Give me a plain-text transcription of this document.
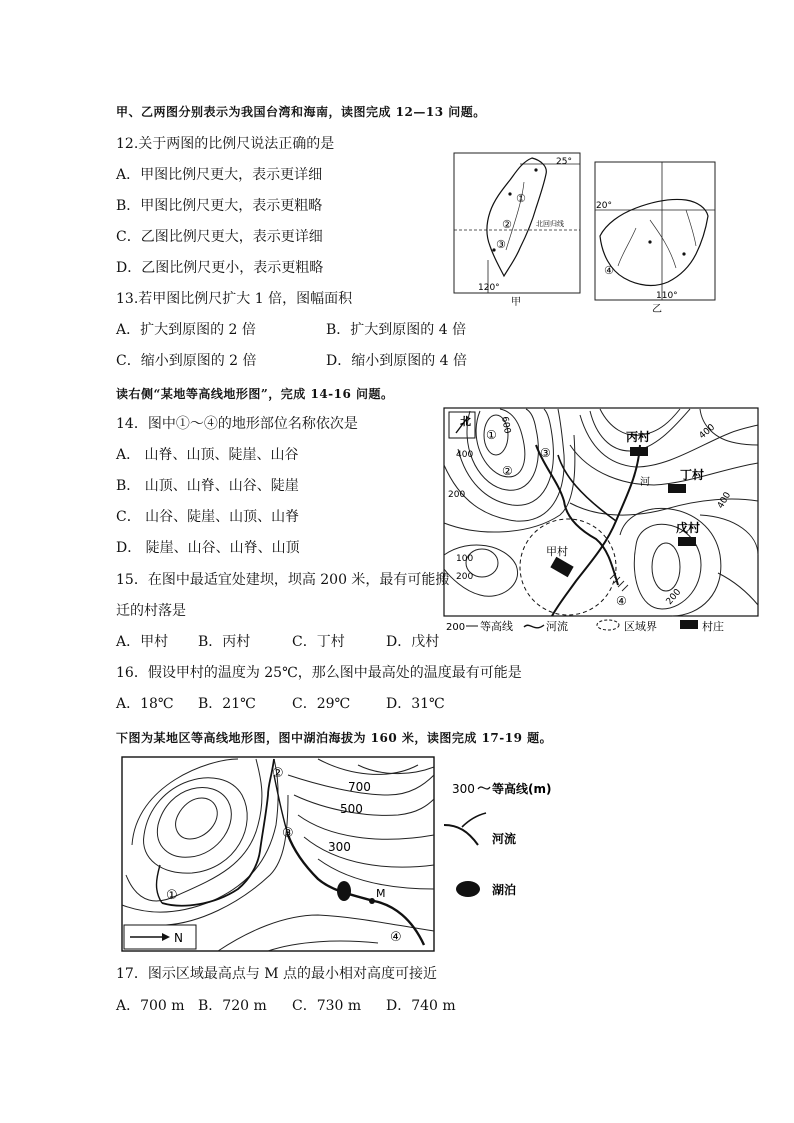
甲、乙两图分别表示为我国台湾和海南，读图完成 12—13 问题。
12.关于两图的比例尺说法正确的是
A．甲图比例尺更大，表示更详细
B．甲图比例尺更大，表示更粗略
C．乙图比例尺更大，表示更详细
D．乙图比例尺更小，表示更粗略
13.若甲图比例尺扩大 1 倍，图幅面积
A．扩大到原图的 2 倍	B．扩大到原图的 4 倍
C．缩小到原图的 2 倍	D．缩小到原图的 4 倍
读右侧“某地等高线地形图”，完成 14-16 问题。
14．图中①～④的地形部位名称依次是
A． 山脊、山顶、陡崖、山谷
B． 山顶、山脊、山谷、陡崖
C． 山谷、陡崖、山顶、山脊
D． 陡崖、山谷、山脊、山顶
15．在图中最适宜处建坝，坝高 200 米，最有可能搬
迁的村落是
A．甲村 B．丙村	C．丁村	D．戊村
16．假设甲村的温度为 25℃，那么图中最高处的温度最有可能是
A．18℃ B．21℃	C．29℃	D．31℃
下图为某地区等高线地形图，图中湖泊海拔为 160 米，读图完成 17-19 题。
17．图示区域最高点与 M 点的最小相对高度可接近
A．700 m B．720 m C．730 m D．740 m
25°
120°
北回归线
①
②
③
甲
20°
110°
④
乙
北
丙村
丁村
戊村
甲村
河
600
400
400
400
200
200
200
100
①
②
③
④
200 等高线	河流	区域界	村庄
M
700
500
300
①
②
③
④
N
300 等高线(m)
河流
湖泊
